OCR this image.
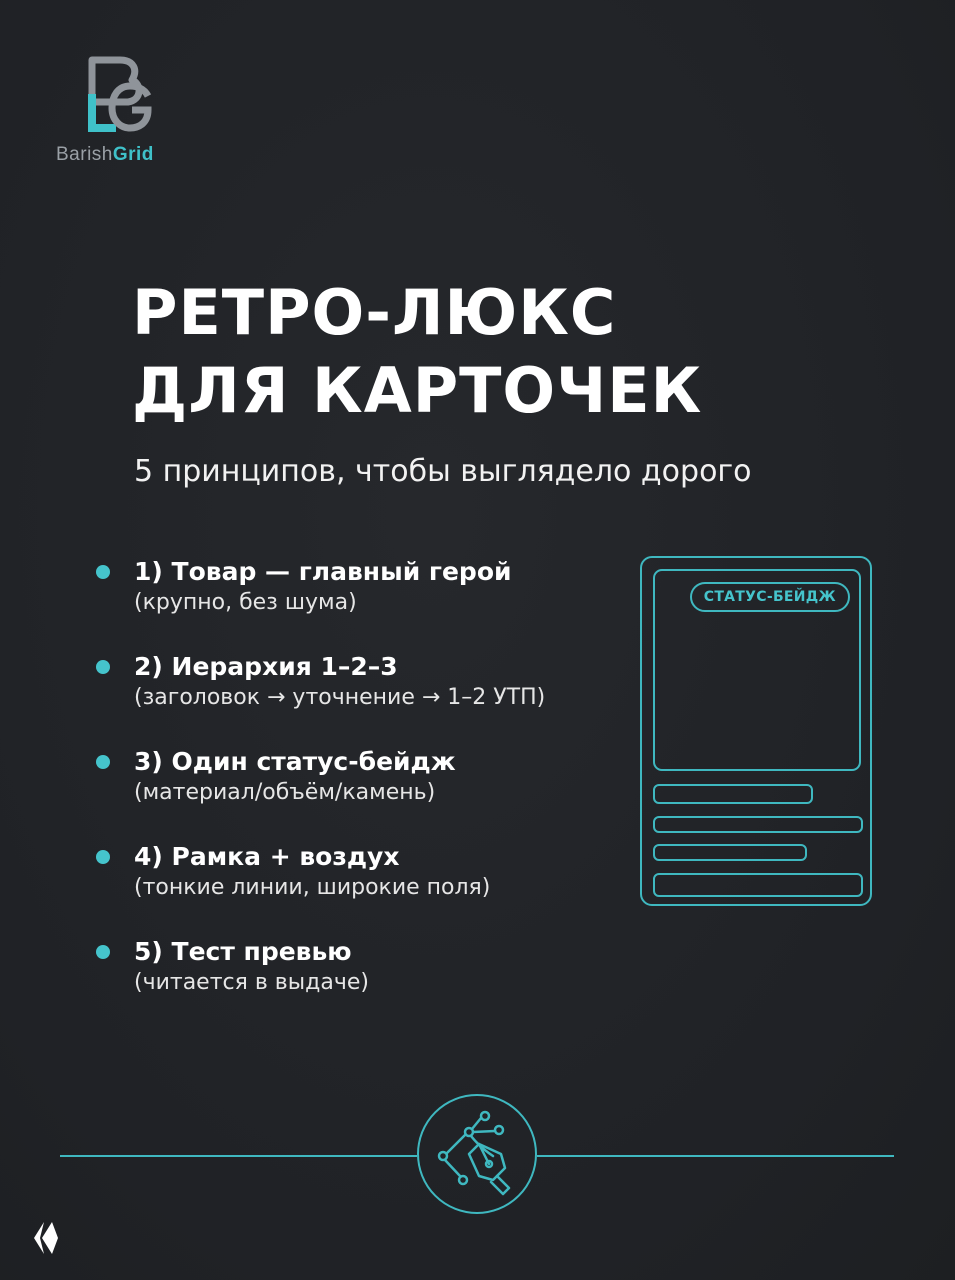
BarishGrid
РЕТРО-ЛЮКС
ДЛЯ КАРТОЧЕК
5 принципов, чтобы выглядело дорого
1) Товар — главный герой
(крупно, без шума)
2) Иерархия 1–2–3
(заголовок → уточнение → 1–2 УТП)
3) Один статус-бейдж
(материал/объём/камень)
4) Рамка + воздух
(тонкие линии, широкие поля)
5) Тест превью
(читается в выдаче)
СТАТУС-БЕЙДЖ
